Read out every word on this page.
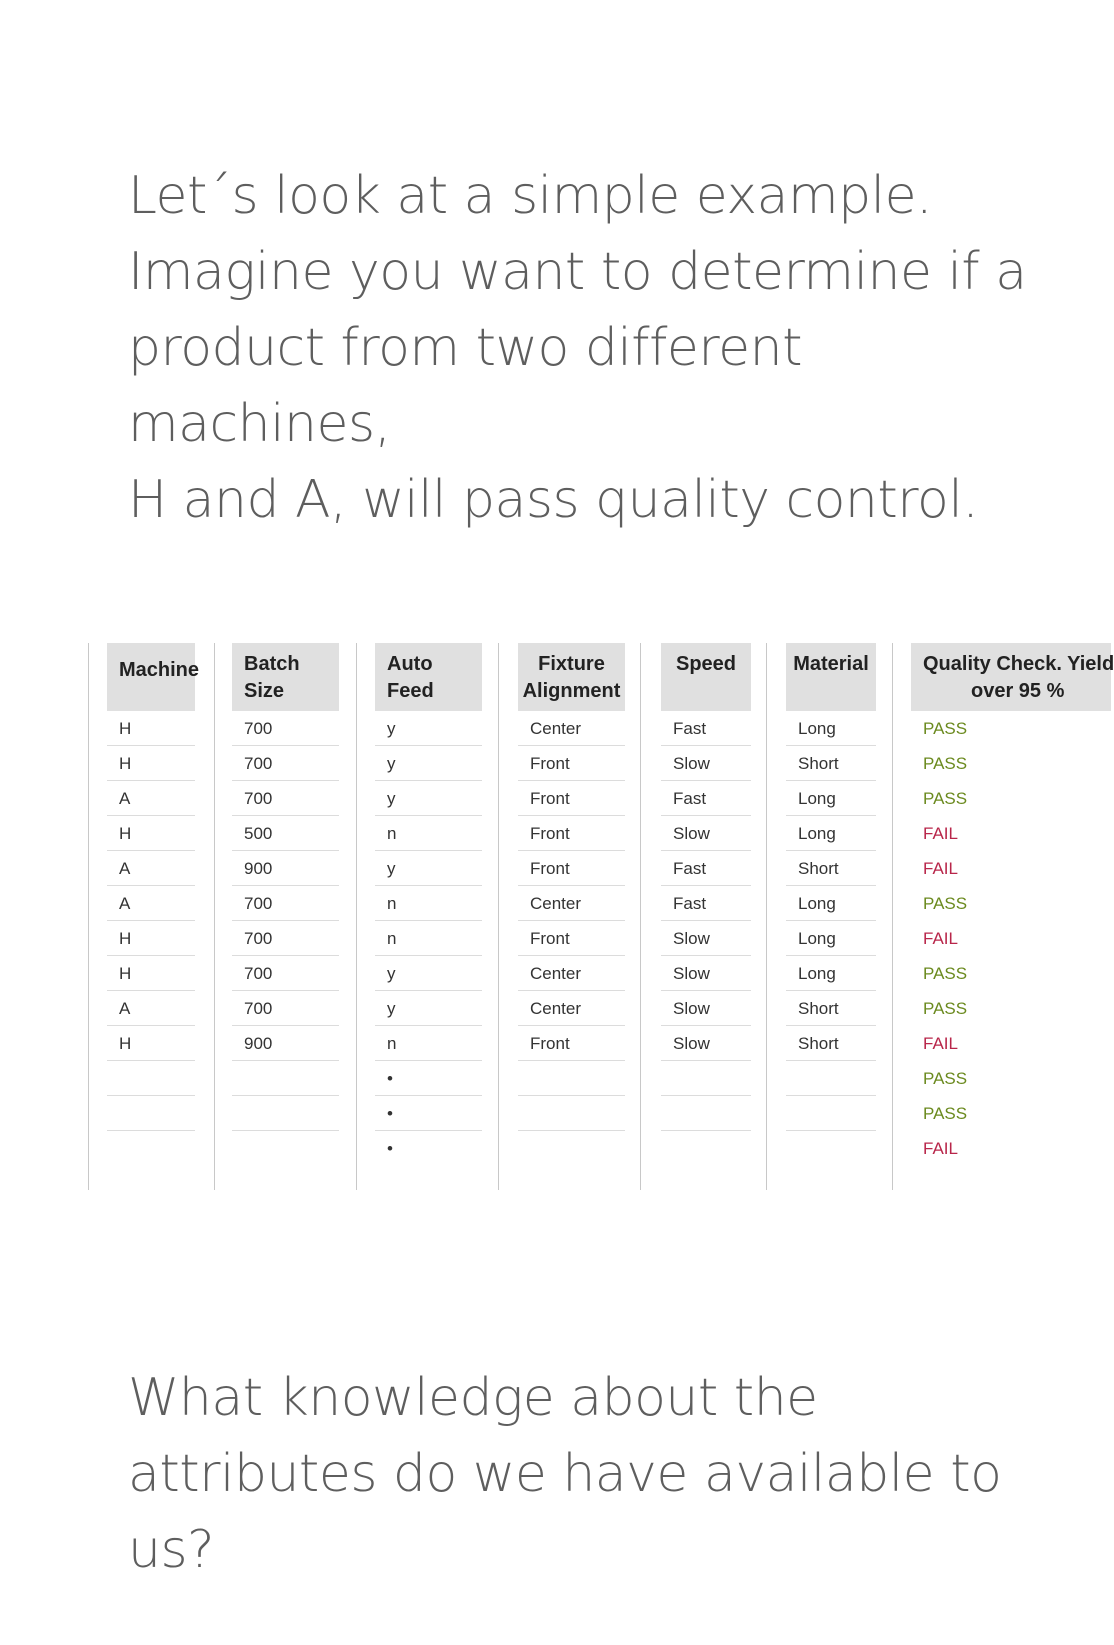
Let´s look at a simple example.
Imagine you want to determine if a
product from two different machines,
H and A, will pass quality control.

Machine
H
H
A
H
A
A
H
H
A
H
Batch Size
700
700
700
500
900
700
700
700
700
900
Auto Feed
y
y
y
n
y
n
n
y
y
n
•
•
•
Fixture
Alignment
Center
Front
Front
Front
Front
Center
Front
Center
Center
Front
Speed
Fast
Slow
Fast
Slow
Fast
Fast
Slow
Slow
Slow
Slow
Material
Long
Short
Long
Long
Short
Long
Long
Long
Short
Short
Quality Check. Yield
over 95 %
PASS
PASS
PASS
FAIL
FAIL
PASS
FAIL
PASS
PASS
FAIL
PASS
PASS
FAIL

What knowledge about the attributes do we have available to us?
